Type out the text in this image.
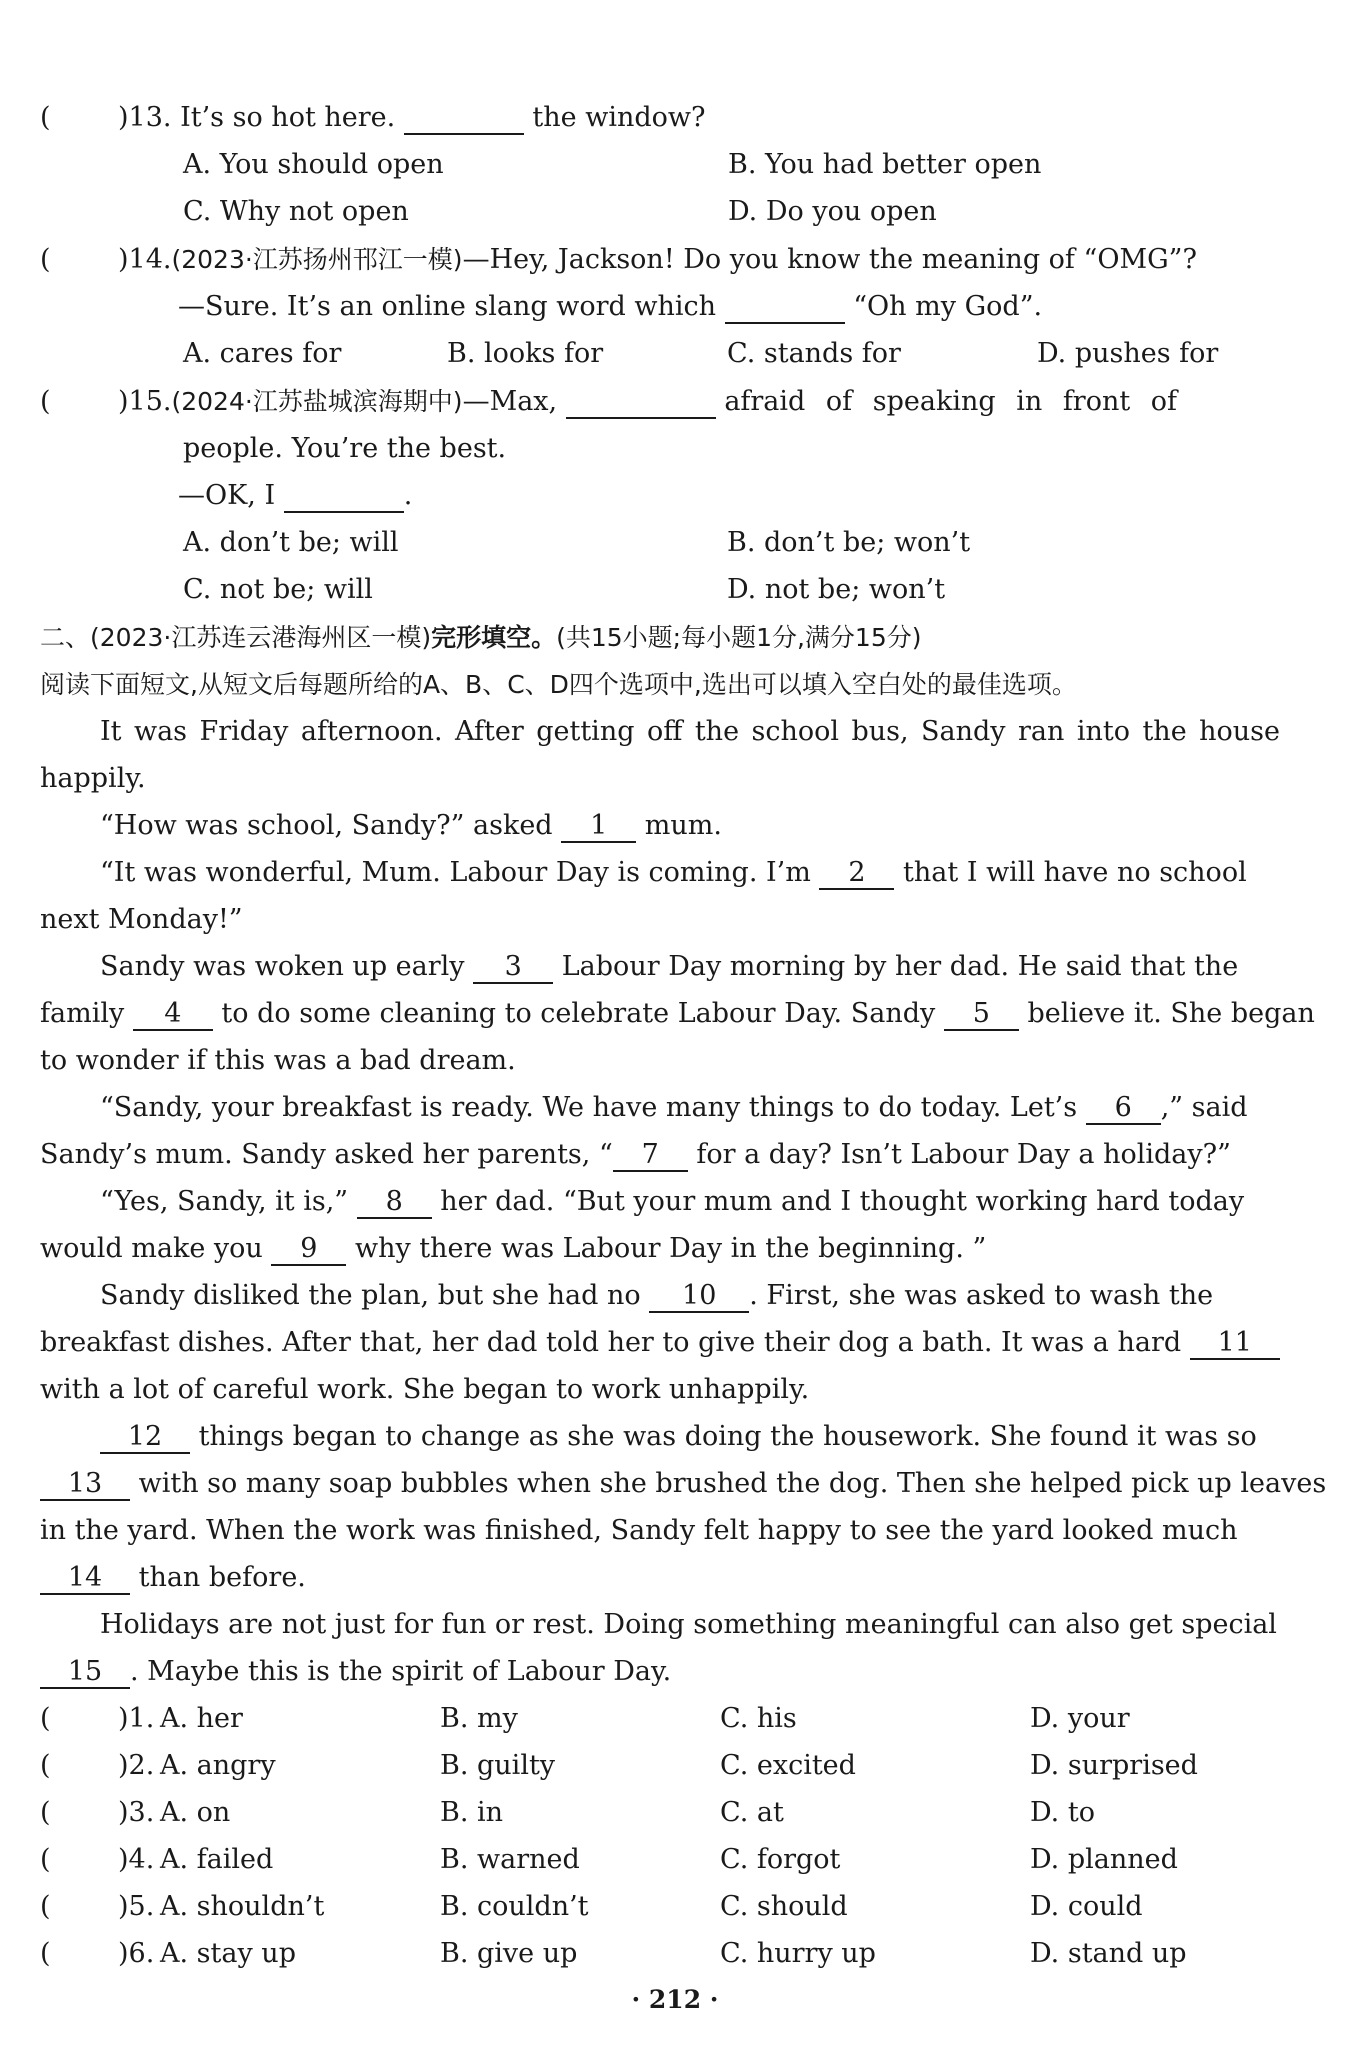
( )13. It’s so hot here.	the window?
A. You should open	B. You had better open
C. Why not open	D. Do you open
( )14.(2023·江苏扬州邗江一模)—Hey, Jackson! Do you know the meaning of “OMG”?
—Sure. It’s an online slang word which	“Oh my God”.
A. cares for	B. looks for	C. stands for	D. pushes for
( )15.(2024·江苏盐城滨海期中)—Max,	afraid of speaking in front of
people. You’re the best.
—OK, I	.
A. don’t be; will	B. don’t be; won’t
C. not be; will	D. not be; won’t
二、(2023·江苏连云港海州区一模)完形填空。(共15小题;每小题1分,满分15分)
阅读下面短文,从短文后每题所给的A、B、C、D四个选项中,选出可以填入空白处的最佳选项。
It was Friday afternoon. After getting off the school bus, Sandy ran into the house
happily.
“How was school, Sandy?” asked 1 mum.
“It was wonderful, Mum. Labour Day is coming. I’m 2 that I will have no school
next Monday!”
Sandy was woken up early 3 Labour Day morning by her dad. He said that the
family 4 to do some cleaning to celebrate Labour Day. Sandy 5 believe it. She began
to wonder if this was a bad dream.
“Sandy, your breakfast is ready. We have many things to do today. Let’s 6 ,” said
Sandy’s mum. Sandy asked her parents, “ 7 for a day? Isn’t Labour Day a holiday?”
“Yes, Sandy, it is,” 8 her dad. “But your mum and I thought working hard today
would make you 9 why there was Labour Day in the beginning. ”
Sandy disliked the plan, but she had no 10 . First, she was asked to wash the
breakfast dishes. After that, her dad told her to give their dog a bath. It was a hard 11
with a lot of careful work. She began to work unhappily.
12 things began to change as she was doing the housework. She found it was so
13 with so many soap bubbles when she brushed the dog. Then she helped pick up leaves
in the yard. When the work was finished, Sandy felt happy to see the yard looked much
14 than before.
Holidays are not just for fun or rest. Doing something meaningful can also get special
15 . Maybe this is the spirit of Labour Day.
( )1. A. her	B. my	C. his	D. your
( )2. A. angry	B. guilty	C. excited	D. surprised
( )3. A. on	B. in	C. at	D. to
( )4. A. failed	B. warned	C. forgot	D. planned
( )5. A. shouldn’t	B. couldn’t	C. should	D. could
( )6. A. stay up	B. give up	C. hurry up	D. stand up
· 212 ·
